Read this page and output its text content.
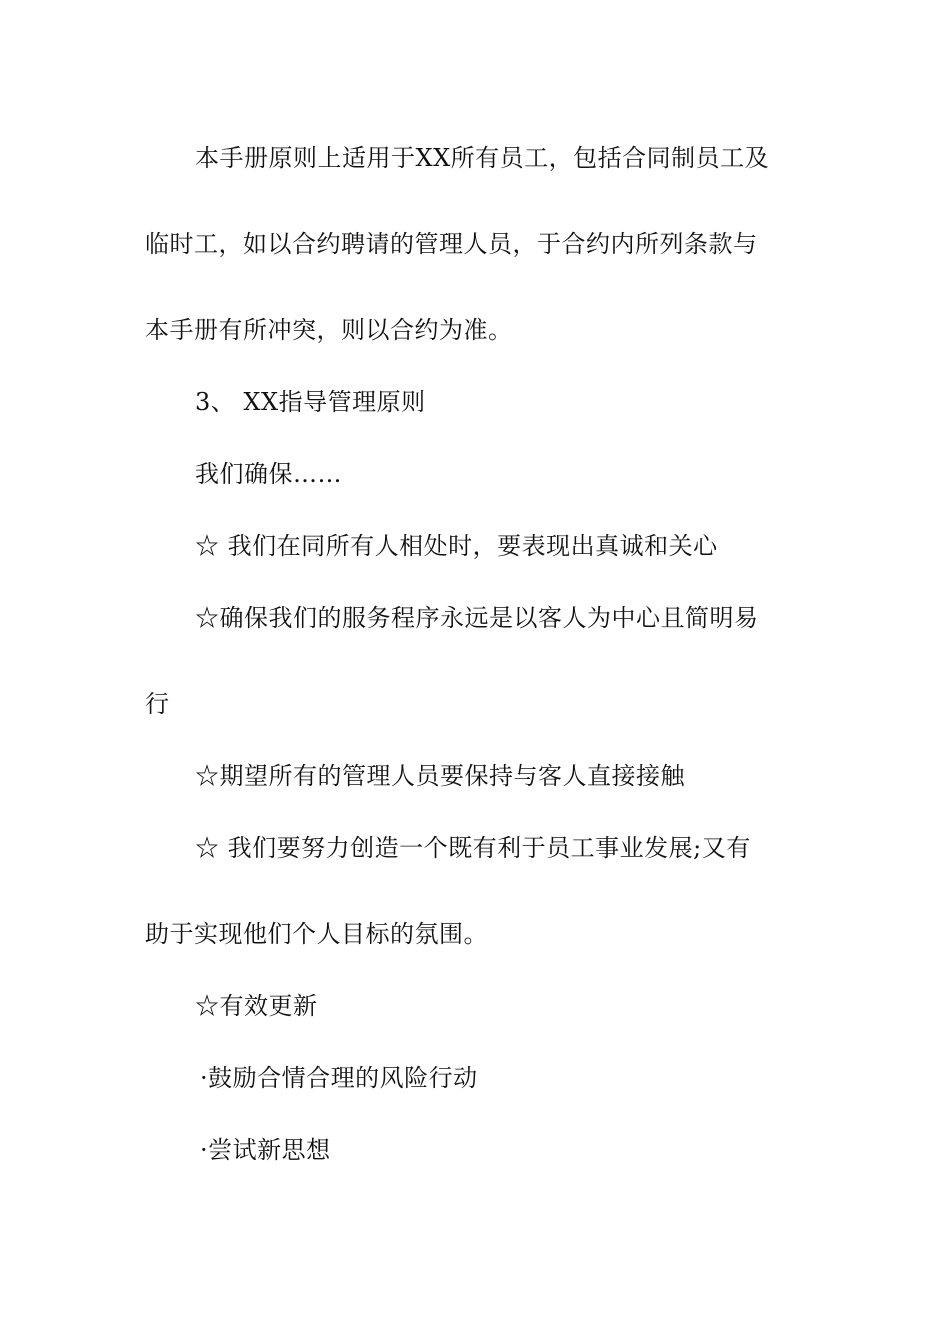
本手册原则上适用于XX所有员工，包括合同制员工及
临时工，如以合约聘请的管理人员，于合约内所列条款与
本手册有所冲突，则以合约为准。
3、 XX指导管理原则
我们确保……
☆ 我们在同所有人相处时，要表现出真诚和关心
☆确保我们的服务程序永远是以客人为中心且简明易
行
☆期望所有的管理人员要保持与客人直接接触
☆ 我们要努力创造一个既有利于员工事业发展;又有
助于实现他们个人目标的氛围。
☆有效更新
·鼓励合情合理的风险行动
·尝试新思想
